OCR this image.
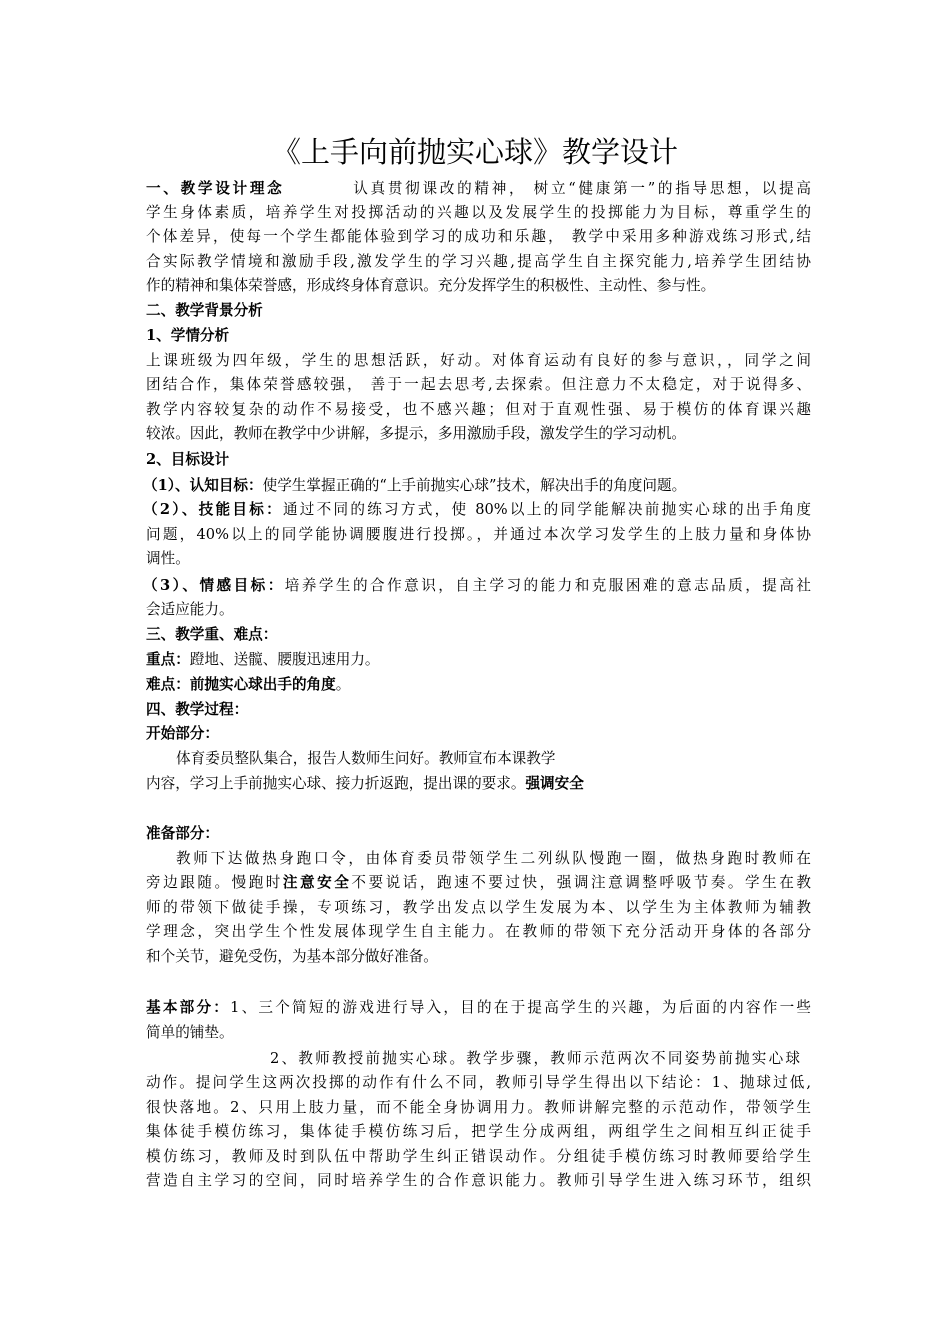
《上手向前抛实心球》教学设计
一、教学设计理念	认真贯彻课改的精神， 树立“健康第一”的指导思想，以提高
学生身体素质，培养学生对投掷活动的兴趣以及发展学生的投掷能力为目标，尊重学生的
个体差异，使每一个学生都能体验到学习的成功和乐趣， 教学中采用多种游戏练习形式,结
合实际教学情境和激励手段,激发学生的学习兴趣,提高学生自主探究能力,培养学生团结协
作的精神和集体荣誉感，形成终身体育意识。充分发挥学生的积极性、主动性、参与性。
二、教学背景分析
1、学情分析
上课班级为四年级，学生的思想活跃，好动。对体育运动有良好的参与意识，，同学之间
团结合作，集体荣誉感较强， 善于一起去思考,去探索。但注意力不太稳定，对于说得多、
教学内容较复杂的动作不易接受，也不感兴趣；但对于直观性强、易于模仿的体育课兴趣
较浓。因此，教师在教学中少讲解，多提示，多用激励手段，激发学生的学习动机。
2、目标设计
（1）、认知目标：使学生掌握正确的“上手前抛实心球”技术，解决出手的角度问题。
（2）、技能目标：通过不同的练习方式，使 80%以上的同学能解决前抛实心球的出手角度
问题，40%以上的同学能协调腰腹进行投掷。，并通过本次学习发学生的上肢力量和身体协
调性。
（3）、情感目标：培养学生的合作意识，自主学习的能力和克服困难的意志品质，提高社
会适应能力。
三、教学重、难点：
重点：蹬地、送髋、腰腹迅速用力。
难点：前抛实心球出手的角度。
四、教学过程：
开始部分：
体育委员整队集合，报告人数师生问好。教师宣布本课教学
内容，学习上手前抛实心球、接力折返跑，提出课的要求。强调安全
准备部分：
教师下达做热身跑口令，由体育委员带领学生二列纵队慢跑一圈，做热身跑时教师在
旁边跟随。慢跑时注意安全不要说话，跑速不要过快，强调注意调整呼吸节奏。学生在教
师的带领下做徒手操，专项练习，教学出发点以学生发展为本、以学生为主体教师为辅教
学理念，突出学生个性发展体现学生自主能力。在教师的带领下充分活动开身体的各部分
和个关节，避免受伤，为基本部分做好准备。
基本部分：1、三个简短的游戏进行导入，目的在于提高学生的兴趣，为后面的内容作一些
简单的铺垫。
2、教师教授前抛实心球。教学步骤，教师示范两次不同姿势前抛实心球
动作。提问学生这两次投掷的动作有什么不同，教师引导学生得出以下结论：1、抛球过低,
很快落地。2、只用上肢力量，而不能全身协调用力。教师讲解完整的示范动作，带领学生
集体徒手模仿练习，集体徒手模仿练习后，把学生分成两组，两组学生之间相互纠正徒手
模仿练习，教师及时到队伍中帮助学生纠正错误动作。分组徒手模仿练习时教师要给学生
营造自主学习的空间，同时培养学生的合作意识能力。教师引导学生进入练习环节，组织
